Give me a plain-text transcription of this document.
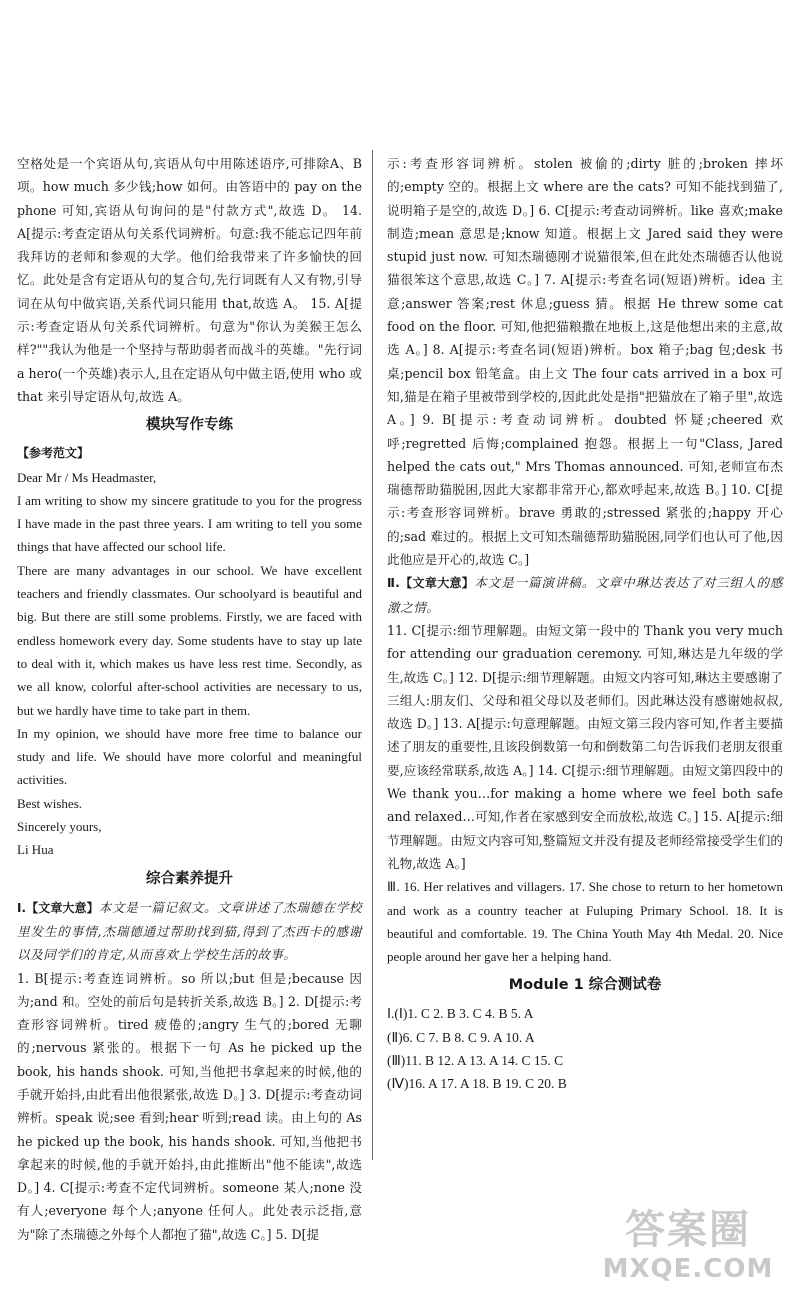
空格处是一个宾语从句,宾语从句中用陈述语序,可排除A、B项。how much 多少钱;how 如何。由答语中的 pay on the phone 可知,宾语从句询问的是"付款方式",故选 D。 14. A[提示:考查定语从句关系代词辨析。句意:我不能忘记四年前我拜访的老师和参观的大学。他们给我带来了许多愉快的回忆。此处是含有定语从句的复合句,先行词既有人又有物,引导词在从句中做宾语,关系代词只能用 that,故选 A。 15. A[提示:考查定语从句关系代词辨析。句意为"你认为美猴王怎么样?""我认为他是一个坚持与帮助弱者而战斗的英雄。"先行词 a hero(一个英雄)表示人,且在定语从句中做主语,使用 who 或 that 来引导定语从句,故选 A。

模块写作专练

【参考范文】

Dear Mr / Ms Headmaster,

I am writing to show my sincere gratitude to you for the progress I have made in the past three years. I am writing to tell you some things that have affected our school life.

There are many advantages in our school. We have excellent teachers and friendly classmates. Our schoolyard is beautiful and big. But there are still some problems. Firstly, we are faced with endless homework every day. Some students have to stay up late to deal with it, which makes us have less rest time. Secondly, as we all know, colorful after-school activities are necessary to us, but we hardly have time to take part in them.

In my opinion, we should have more free time to balance our study and life. We should have more colorful and meaningful activities.

Best wishes.

Sincerely yours,

Li Hua

综合素养提升

Ⅰ.【文章大意】本文是一篇记叙文。文章讲述了杰瑞德在学校里发生的事情,杰瑞德通过帮助找到猫,得到了杰西卡的感谢以及同学们的肯定,从而喜欢上学校生活的故事。

1. B[提示:考查连词辨析。so 所以;but 但是;because 因为;and 和。空处的前后句是转折关系,故选 B。] 2. D[提示:考查形容词辨析。tired 疲倦的;angry 生气的;bored 无聊的;nervous 紧张的。根据下一句 As he picked up the book, his hands shook. 可知,当他把书拿起来的时候,他的手就开始抖,由此看出他很紧张,故选 D。] 3. D[提示:考查动词辨析。speak 说;see 看到;hear 听到;read 读。由上句的 As he picked up the book, his hands shook. 可知,当他把书拿起来的时候,他的手就开始抖,由此推断出"他不能读",故选 D。] 4. C[提示:考查不定代词辨析。someone 某人;none 没有人;everyone 每个人;anyone 任何人。此处表示泛指,意为"除了杰瑞德之外每个人都抱了猫",故选 C。] 5. D[提

示:考查形容词辨析。stolen 被偷的;dirty 脏的;broken 摔坏的;empty 空的。根据上文 where are the cats? 可知不能找到猫了,说明箱子是空的,故选 D。] 6. C[提示:考查动词辨析。like 喜欢;make 制造;mean 意思是;know 知道。根据上文 Jared said they were stupid just now. 可知杰瑞德刚才说猫很笨,但在此处杰瑞德否认他说猫很笨这个意思,故选 C。] 7. A[提示:考查名词(短语)辨析。idea 主意;answer 答案;rest 休息;guess 猜。根据 He threw some cat food on the floor. 可知,他把猫粮撒在地板上,这是他想出来的主意,故选 A。] 8. A[提示:考查名词(短语)辨析。box 箱子;bag 包;desk 书桌;pencil box 铅笔盒。由上文 The four cats arrived in a box 可知,猫是在箱子里被带到学校的,因此此处是指"把猫放在了箱子里",故选 A。] 9. B[提示:考查动词辨析。doubted 怀疑;cheered 欢呼;regretted 后悔;complained 抱怨。根据上一句"Class, Jared helped the cats out," Mrs Thomas announced. 可知,老师宣布杰瑞德帮助猫脱困,因此大家都非常开心,都欢呼起来,故选 B。] 10. C[提示:考查形容词辨析。brave 勇敢的;stressed 紧张的;happy 开心的;sad 难过的。根据上文可知杰瑞德帮助猫脱困,同学们也认可了他,因此他应是开心的,故选 C。]

Ⅱ.【文章大意】本文是一篇演讲稿。文章中琳达表达了对三组人的感激之情。

11. C[提示:细节理解题。由短文第一段中的 Thank you very much for attending our graduation ceremony. 可知,琳达是九年级的学生,故选 C。] 12. D[提示:细节理解题。由短文内容可知,琳达主要感谢了三组人:朋友们、父母和祖父母以及老师们。因此琳达没有感谢她叔叔,故选 D。] 13. A[提示:句意理解题。由短文第三段内容可知,作者主要描述了朋友的重要性,且该段倒数第一句和倒数第二句告诉我们老朋友很重要,应该经常联系,故选 A。] 14. C[提示:细节理解题。由短文第四段中的 We thank you…for making a home where we feel both safe and relaxed…可知,作者在家感到安全而放松,故选 C。] 15. A[提示:细节理解题。由短文内容可知,整篇短文并没有提及老师经常接受学生们的礼物,故选 A。]

Ⅲ. 16. Her relatives and villagers. 17. She chose to return to her hometown and work as a country teacher at Fuluping Primary School. 18. It is beautiful and comfortable. 19. The China Youth May 4th Medal. 20. Nice people around her gave her a helping hand.

Module 1 综合测试卷

Ⅰ.(Ⅰ)1. C 2. B 3. C 4. B 5. A

(Ⅱ)6. C 7. B 8. C 9. A 10. A

(Ⅲ)11. B 12. A 13. A 14. C 15. C

(Ⅳ)16. A 17. A 18. B 19. C 20. B

答案圈
MXQE.COM
